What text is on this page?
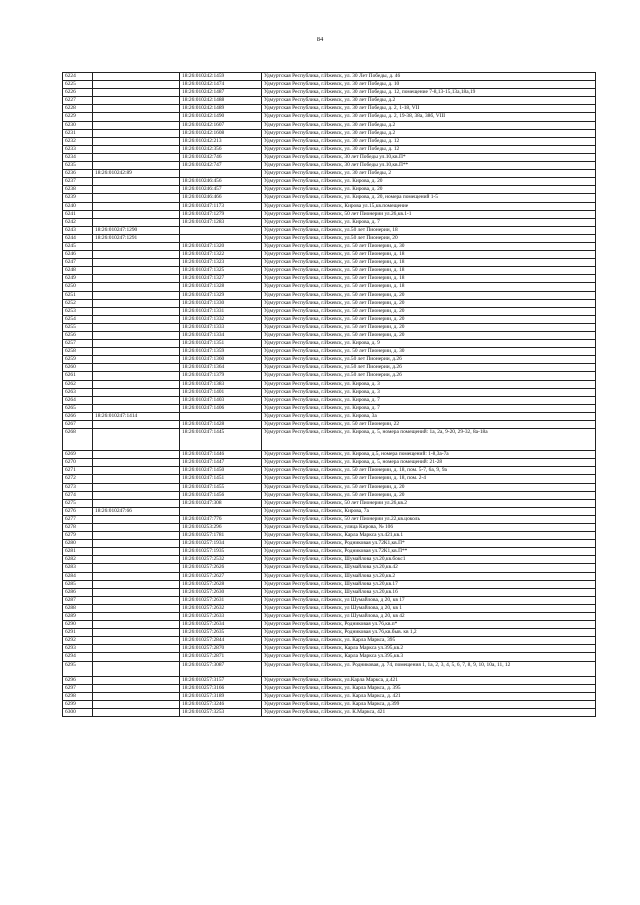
84
6224		18:26:010242:1459	Удмуртская Республика, г.Ижевск, ул. 30 Лет Победы, д. 46
6225		18:26:010242:1474	Удмуртская Республика, г.Ижевск, ул. 30 лет Победы, д. 10
6226		18:26:010242:1487	Удмуртская Республика, г.Ижевск, ул. 30 лет Победы, д. 12, помещение 7-8,13-15,13а,18а,19
6227		18:26:010242:1488	Удмуртская Республика, г.Ижевск, ул. 30 лет Победы, д.2
6228		18:26:010242:1489	Удмуртская Республика, г.Ижевск, ул. 30 лет Победы, д. 2, 1-18, VII
6229		18:26:010242:1490	Удмуртская Республика, г.Ижевск, ул. 30 лет Победы, д. 2, 19-38, 38а, 38б, VIII
6230		18:26:010242:1607	Удмуртская Республика, г.Ижевск, ул. 30 лет Победы, д.2
6231		18:26:010242:1608	Удмуртская Республика, г.Ижевск, ул. 30 лет Победы, д.2
6232		18:26:010242:213	Удмуртская Республика, г.Ижевск, ул. 30 лет Победы, д. 12
6233		18:26:010242:356	Удмуртская Республика, г.Ижевск, ул. 30 лет Победы, д. 12
6234		18:26:010242:746	Удмуртская Республика, г.Ижевск, 30 лет Победы ул.10,кв.П*
6235		18:26:010242:747	Удмуртская Республика, г.Ижевск, 30 лет Победы ул.10,кв.П**
6236	18:26:010242:89		Удмуртская Республика, г.Ижевск, ул. 30 лет Победы, 2
6237		18:26:010246:456	Удмуртская Республика, г.Ижевск, ул. Кирова, д. 20
6238		18:26:010246:457	Удмуртская Республика, г.Ижевск, ул. Кирова, д. 20
6239		18:26:010246:466	Удмуртская Республика, г.Ижевск, ул. Кирова, д. 20, номера помещений 1-5
6240		18:26:010247:1173	Удмуртская Республика, г.Ижевск, Кирова ул.15,кв.помещение
6241		18:26:010247:1279	Удмуртская Республика, г.Ижевск, 50 лет Пионерии ул.26,кв.1-1
6242		18:26:010247:1283	Удмуртская Республика, г.Ижевск, ул. Кирова, д. 7
6243	18:26:010247:1290		Удмуртская Республика, г.Ижевск, ул.50 лет Пионерии, 18
6244	18:26:010247:1291		Удмуртская Республика, г.Ижевск, ул.50 лет Пионерии, 20
6245		18:26:010247:1320	Удмуртская Республика, г.Ижевск, ул. 50 лет Пионерии, д. 30
6246		18:26:010247:1322	Удмуртская Республика, г.Ижевск, ул. 50 лет Пионерии, д. 18
6247		18:26:010247:1323	Удмуртская Республика, г.Ижевск, ул. 50 лет Пионерии, д. 18
6248		18:26:010247:1325	Удмуртская Республика, г.Ижевск, ул. 50 лет Пионерии, д. 18
6249		18:26:010247:1327	Удмуртская Республика, г.Ижевск, ул. 50 лет Пионерии, д. 18
6250		18:26:010247:1328	Удмуртская Республика, г.Ижевск, ул. 50 лет Пионерии, д. 18
6251		18:26:010247:1329	Удмуртская Республика, г.Ижевск, ул. 50 лет Пионерии, д. 20
6252		18:26:010247:1330	Удмуртская Республика, г.Ижевск, ул. 50 лет Пионерии, д. 20
6253		18:26:010247:1331	Удмуртская Республика, г.Ижевск, ул. 50 лет Пионерии, д. 20
6254		18:26:010247:1332	Удмуртская Республика, г.Ижевск, ул. 50 лет Пионерии, д. 20
6255		18:26:010247:1333	Удмуртская Республика, г.Ижевск, ул. 50 лет Пионерии, д. 20
6256		18:26:010247:1334	Удмуртская Республика, г.Ижевск, ул. 50 лет Пионерии, д. 20
6257		18:26:010247:1351	Удмуртская Республика, г.Ижевск, ул. Кирова, д. 9
6258		18:26:010247:1359	Удмуртская Республика, г.Ижевск, ул. 50 лет Пионерии, д. 30
6259		18:26:010247:1360	Удмуртская Республика, г.Ижевск, ул.50 лет Пионерии, д.26
6260		18:26:010247:1364	Удмуртская Республика, г.Ижевск, ул.50 лет Пионерии, д.26
6261		18:26:010247:1379	Удмуртская Республика, г.Ижевск, ул.50 лет Пионерии, д.26
6262		18:26:010247:1383	Удмуртская Республика, г.Ижевск, ул. Кирова, д. 3
6263		18:26:010247:1401	Удмуртская Республика, г.Ижевск, ул. Кирова, д. 3
6264		18:26:010247:1403	Удмуртская Республика, г.Ижевск, ул. Кирова, д. 7
6265		18:26:010247:1406	Удмуртская Республика, г.Ижевск, ул. Кирова, д. 7
6266	18:26:010247:1414		Удмуртская Республика, г.Ижевск, ул. Кирова, 3а
6267		18:26:010247:1428	Удмуртская Республика, г.Ижевск, ул. 50 лет Пионерии, 22
6268		18:26:010247:1445	Удмуртская Республика, г.Ижевск, ул. Кирова, д. 5, номера помещений: 1а, 2а, 9-20, 29-32, 8а-18а
6269		18:26:010247:1446	Удмуртская Республика, г.Ижевск, ул. Кирова, д.5, номера помещений: 1-8,3а-7а
6270		18:26:010247:1447	Удмуртская Республика, г.Ижевск, ул. Кирова, д. 5, номера помещений: 21-28
6271		18:26:010247:1450	Удмуртская Республика, г.Ижевск, ул. 50 лет Пионерии, д. 18, пом. 5-7, 6а, 9, 9а
6272		18:26:010247:1451	Удмуртская Республика, г.Ижевск, ул. 50 лет Пионерии, д. 18, пом. 2-4
6273		18:26:010247:1455	Удмуртская Республика, г.Ижевск, ул. 50 лет Пионерии, д. 20
6274		18:26:010247:1456	Удмуртская Республика, г.Ижевск, ул. 50 лет Пионерии, д. 20
6275		18:26:010247:308	Удмуртская Республика, г.Ижевск, 50 лет Пионерии ул.26,кв.2
6276	18:26:010247:66		Удмуртская Республика, г.Ижевск, Кирова, 7а
6277		18:26:010247:776	Удмуртская Республика, г.Ижевск, 50 лет Пионерии ул.22,кв.цоколь
6278		18:26:010253:296	Удмуртская Республика, г.Ижевск, улица Кирова, № 106
6279		18:26:010257:1781	Удмуртская Республика, г.Ижевск, Карла Маркса ул.421,кв.1
6280		18:26:010257:1934	Удмуртская Республика, г.Ижевск, Родниковая ул.72К1,кв.П*
6281		18:26:010257:1935	Удмуртская Республика, г.Ижевск, Родниковая ул.72К1,кв.П**
6282		18:26:010257:2532	Удмуртская Республика, г.Ижевск, Шумайлова ул.20,кв.бокс1
6283		18:26:010257:2626	Удмуртская Республика, г.Ижевск, Шумайлова ул.20,кв.42
6284		18:26:010257:2627	Удмуртская Республика, г.Ижевск, Шумайлова ул.20,кв.2
6285		18:26:010257:2628	Удмуртская Республика, г.Ижевск, Шумайлова ул.20,кв.17
6286		18:26:010257:2630	Удмуртская Республика, г.Ижевск, Шумайлова ул.20,кв.16
6287		18:26:010257:2631	Удмуртская Республика, г.Ижевск, ул Шумайлова, д 20, кв 17
6288		18:26:010257:2632	Удмуртская Республика, г.Ижевск, ул Шумайлова, д 20, кв 1
6289		18:26:010257:2633	Удмуртская Республика, г.Ижевск, ул Шумайлова, д 20, кв 42
6290		18:26:010257:2634	Удмуртская Республика, г.Ижевск, Родниковая ул.76,кв.п*
6291		18:26:010257:2635	Удмуртская Республика, г.Ижевск, Родниковая ул.76,кв.быв. кв 1,2
6292		18:26:010257:2844	Удмуртская Республика, г.Ижевск, ул. Карла Маркса, 395
6293		18:26:010257:2870	Удмуртская Республика, г.Ижевск, Карла Маркса ул.395,кв.2
6294		18:26:010257:2871	Удмуртская Республика, г.Ижевск, Карла Маркса ул.395,кв.3
6295		18:26:010257:3087	Удмуртская Республика, г.Ижевск, ул. Родниковая, д. 74, помещения 1, 1а, 2, 3, 4, 5, 6, 7, 8, 9, 10, 10а, 11, 12
6296		18:26:010257:3157	Удмуртская Республика, г.Ижевск, ул.Карла Маркса, д.421
6297		18:26:010257:3166	Удмуртская Республика, г.Ижевск, ул. Карла Маркса, д. 395
6298		18:26:010257:3189	Удмуртская Республика, г.Ижевск, ул. Карла Маркса, д. 421
6299		18:26:010257:3246	Удмуртская Республика, г.Ижевск, ул. Карла Маркса, д.399
6300		18:26:010257:3253	Удмуртская Республика, г.Ижевск, ул. К.Маркса, 421
